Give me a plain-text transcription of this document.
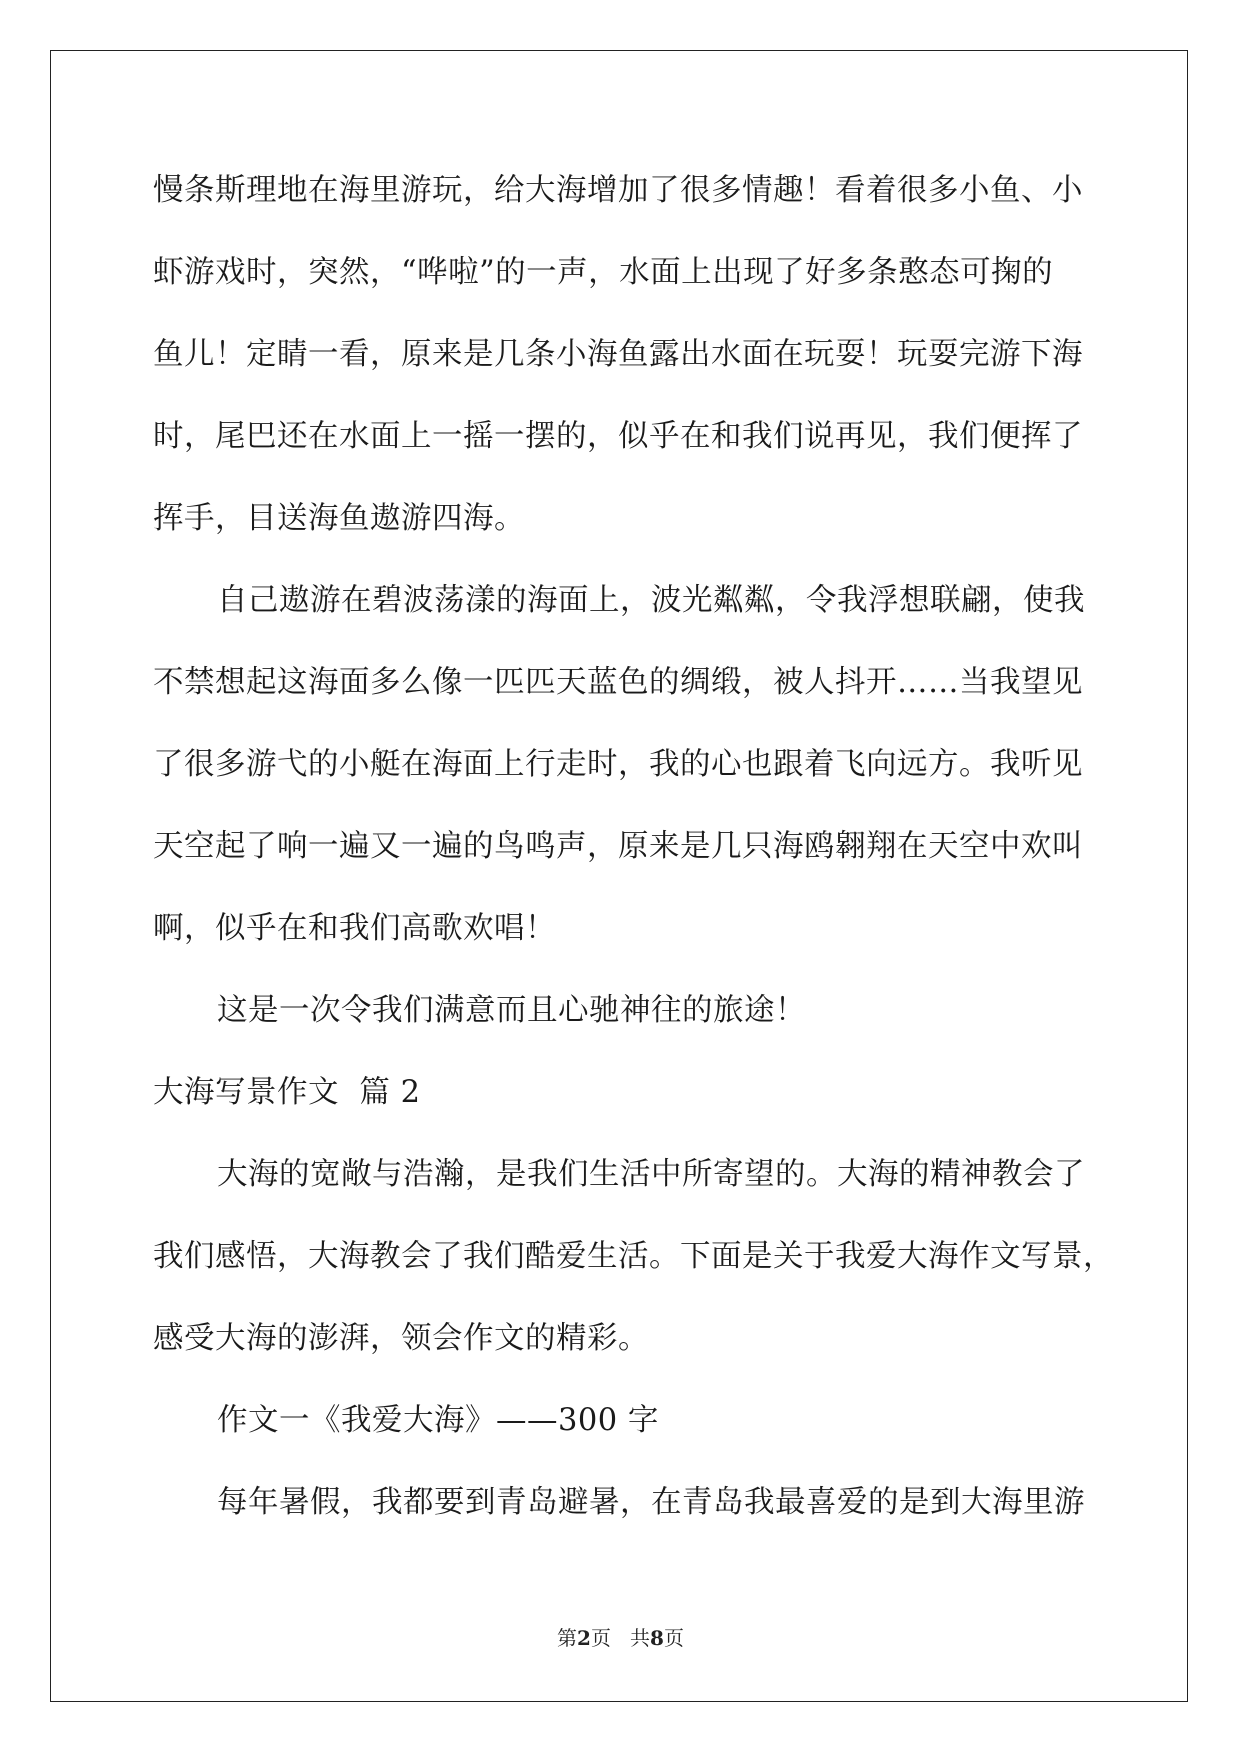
慢条斯理地在海里游玩，给大海增加了很多情趣！看着很多小鱼、小
虾游戏时，突然，“哗啦”的一声，水面上出现了好多条憨态可掬的
鱼儿！定睛一看，原来是几条小海鱼露出水面在玩耍！玩耍完游下海
时，尾巴还在水面上一摇一摆的，似乎在和我们说再见，我们便挥了
挥手，目送海鱼遨游四海。
自己遨游在碧波荡漾的海面上，波光粼粼，令我浮想联翩，使我
不禁想起这海面多么像一匹匹天蓝色的绸缎，被人抖开……当我望见
了很多游弋的小艇在海面上行走时，我的心也跟着飞向远方。我听见
天空起了响一遍又一遍的鸟鸣声，原来是几只海鸥翱翔在天空中欢叫
啊，似乎在和我们高歌欢唱！
这是一次令我们满意而且心驰神往的旅途！
大海写景作文  篇 2
大海的宽敞与浩瀚，是我们生活中所寄望的。大海的精神教会了
我们感悟，大海教会了我们酷爱生活。下面是关于我爱大海作文写景，
感受大海的澎湃，领会作文的精彩。
作文一《我爱大海》——300 字
每年暑假，我都要到青岛避暑，在青岛我最喜爱的是到大海里游
第2页 共8页
